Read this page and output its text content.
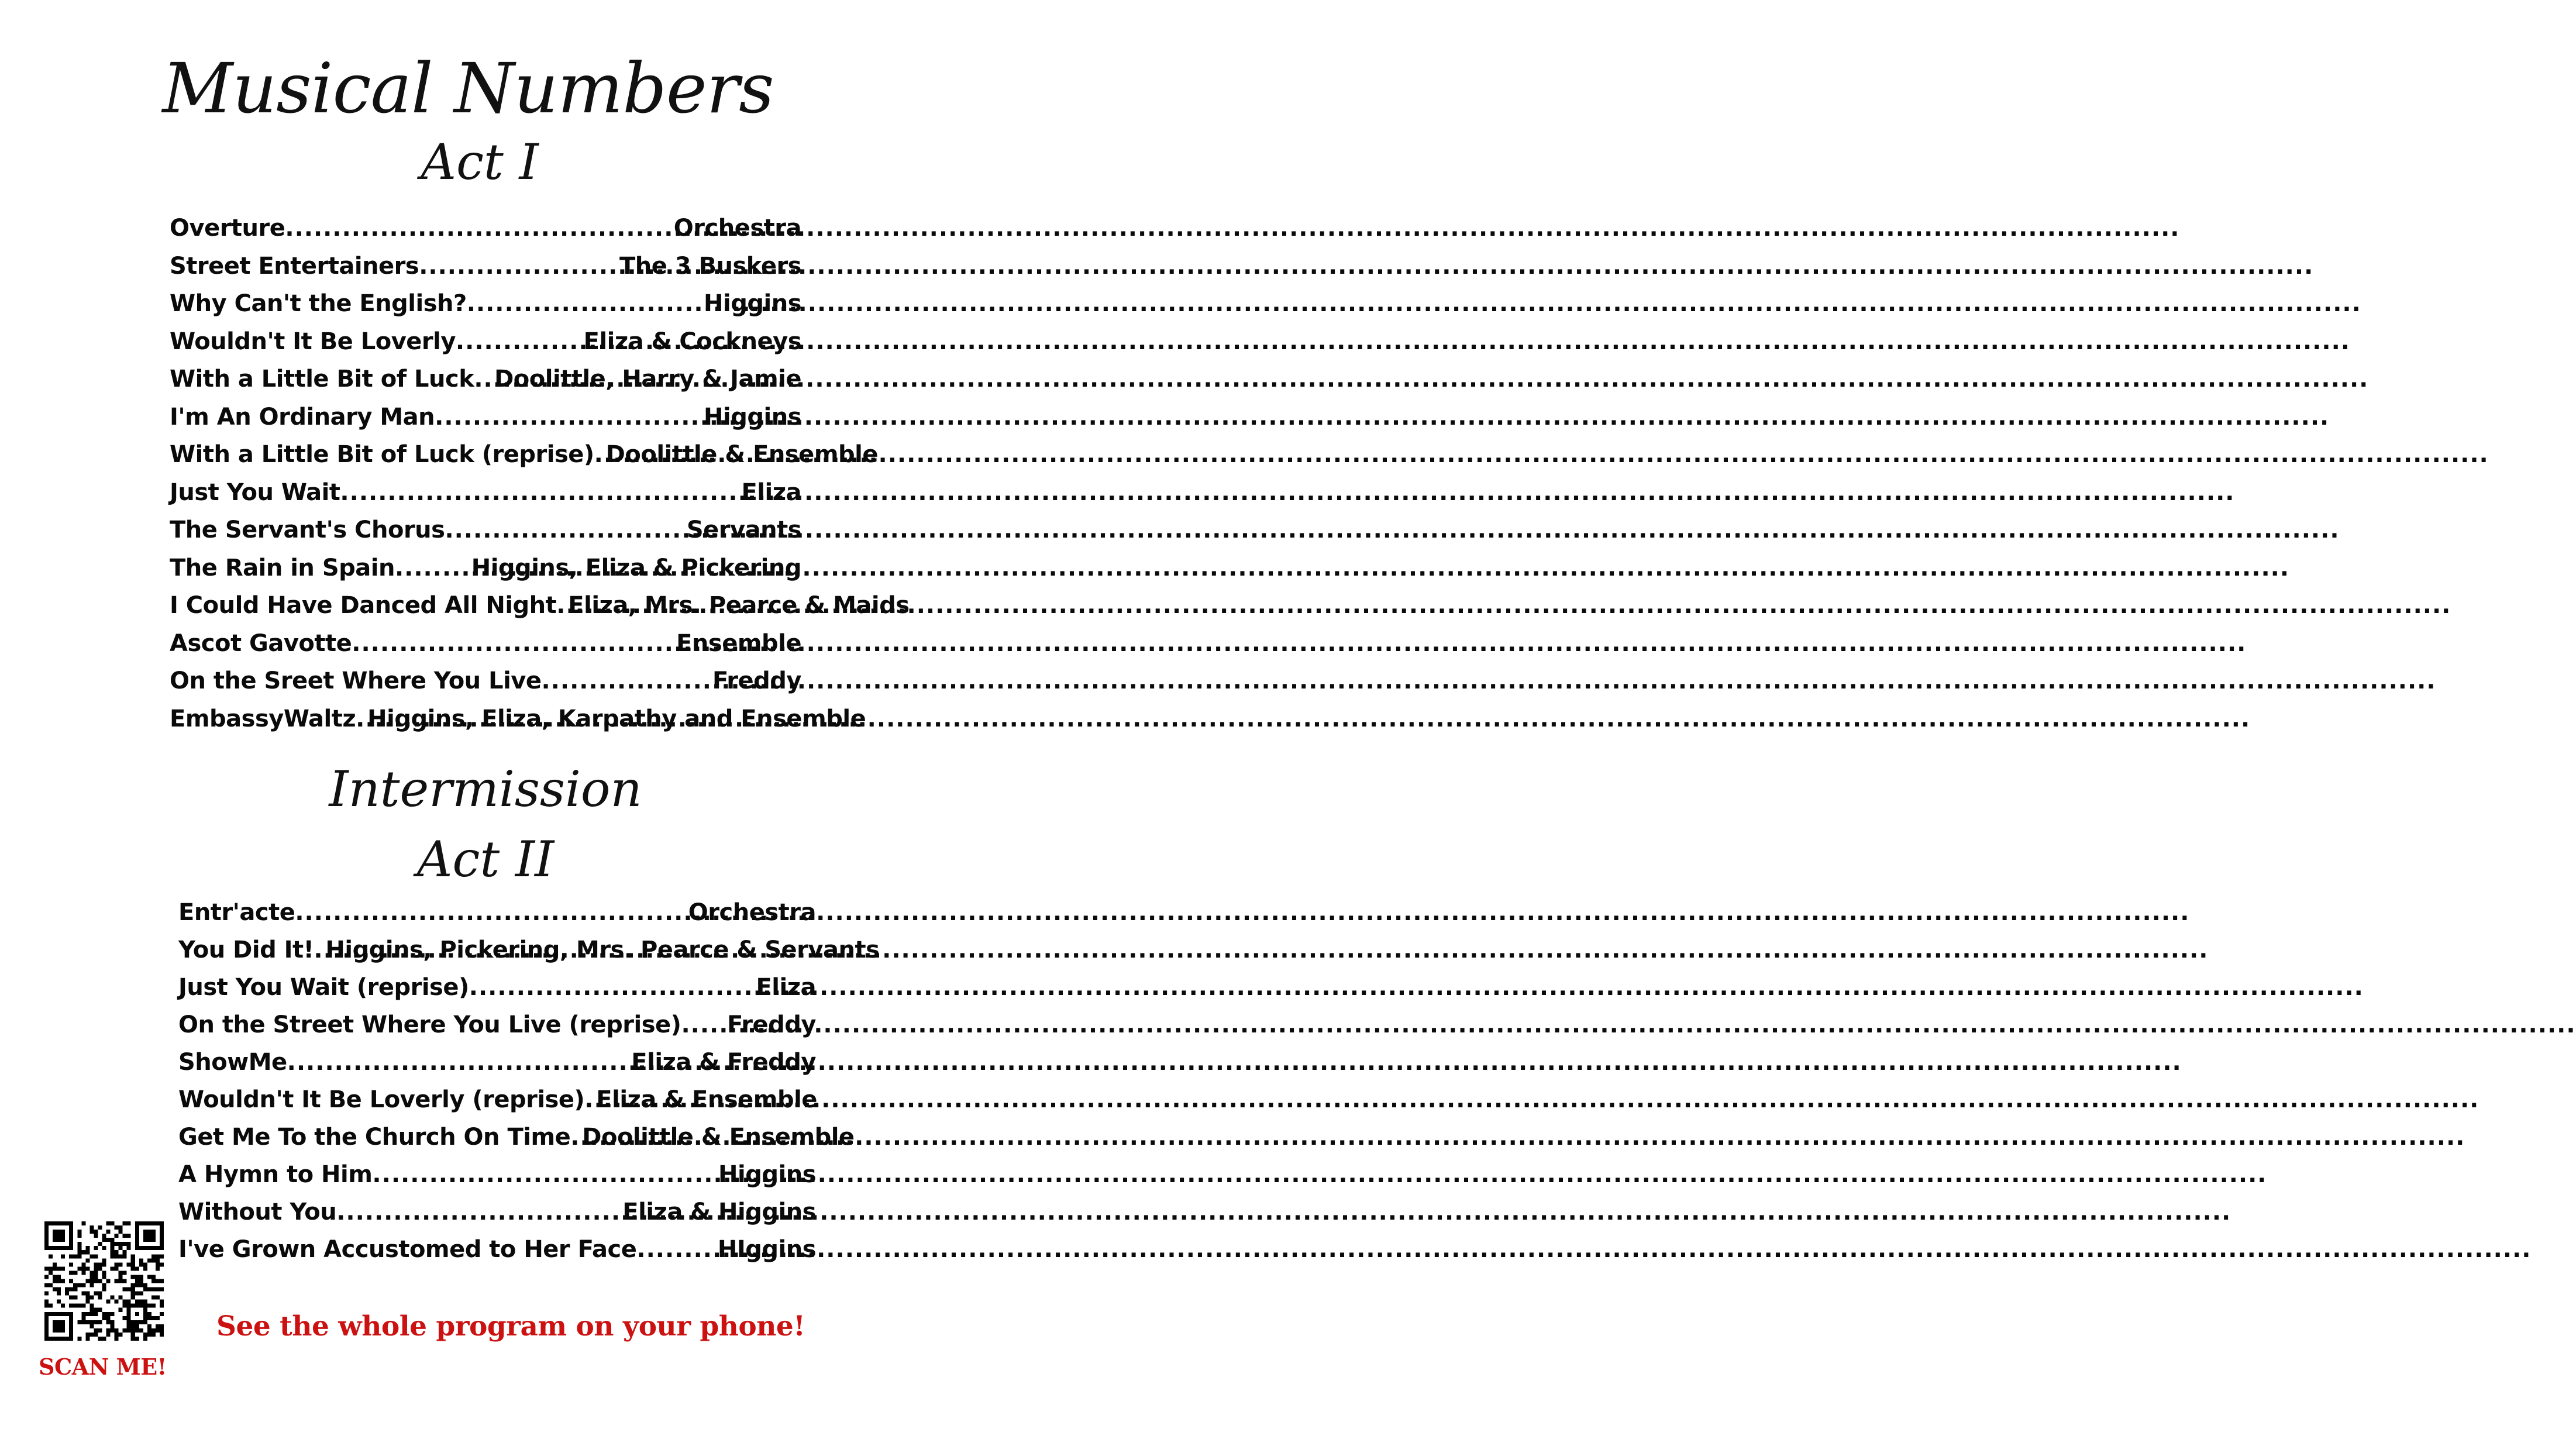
Musical Numbers
Act I
Overture .....	Orchestra
Street Entertainers .....	The 3 Buskers
Why Can't the English? .....	Higgins
Wouldn't It Be Loverly .....	Eliza & Cockneys
With a Little Bit of Luck ..... Doolittle, Harry & Jamie
I'm An Ordinary Man .....	Higgins
With a Little Bit of Luck (reprise) ..... Doolittle & Ensemble
Just You Wait .....	Eliza
The Servant's Chorus .....	Servants
The Rain in Spain .....	Higgins, Eliza & Pickering
I Could Have Danced All Night ..... Eliza, Mrs. Pearce & Maids
Ascot Gavotte .....	Ensemble
On the Sreet Where You Live .....	Freddy
EmbassyWaltz ..... Higgins, Eliza, Karpathy and Ensemble
Intermission
Act II
Entr'acte .....	Orchestra
You Did It! ..... Higgins, Pickering, Mrs. Pearce & Servants
Just You Wait (reprise) .....	Eliza
On the Street Where You Live (reprise) ..... Freddy
ShowMe .....	Eliza & Freddy
Wouldn't It Be Loverly (reprise) ..... Eliza & Ensemble
Get Me To the Church On Time ..... Doolittle & Ensemble
A Hymn to Him .....	Higgins
Without You .....	Eliza & Higgins
I've Grown Accustomed to Her Face .....	HIggins
SCAN ME!
See the whole program on your phone!
